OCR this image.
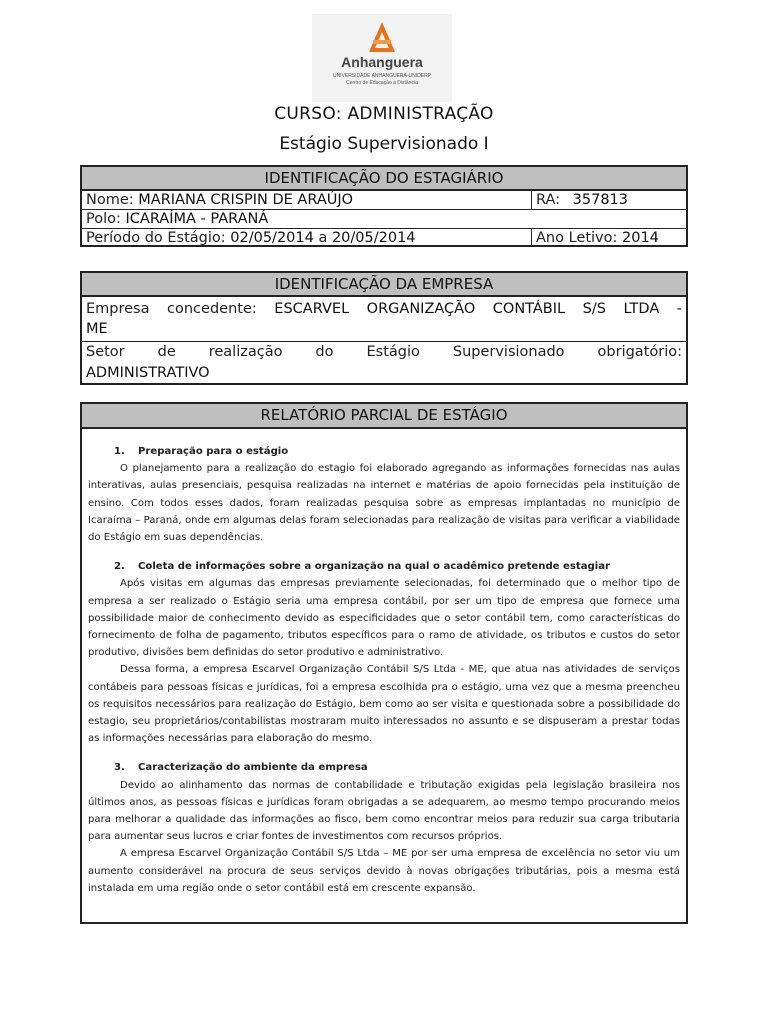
Anhanguera
UNIVERSIDADE ANHANGUERA-UNIDERP
Centro de Educação a Distância
CURSO: ADMINISTRAÇÃO
Estágio Supervisionado I
IDENTIFICAÇÃO DO ESTAGIÁRIO
Nome: MARIANA CRISPIN DE ARAÚJO	RA: 357813
Polo: ICARAÍMA - PARANÁ
Período do Estágio: 02/05/2014 a 20/05/2014	Ano Letivo: 2014
IDENTIFICAÇÃO DA EMPRESA
Empresa concedente: ESCARVEL ORGANIZAÇÃO CONTÁBIL S/S LTDA -
ME
Setor de realização do Estágio Supervisionado obrigatório:
ADMINISTRATIVO
RELATÓRIO PARCIAL DE ESTÁGIO

1. Preparação para o estágio

O planejamento para a realização do estagio foi elaborado agregando as informações fornecidas nas aulas interativas, aulas presenciais, pesquisa realizadas na internet e matérias de apoio fornecidas pela instituição de ensino. Com todos esses dados, foram realizadas pesquisa sobre as empresas implantadas no município de Icaraíma – Paraná, onde em algumas delas foram selecionadas para realização de visitas para verificar a viabilidade do Estágio em suas dependências.

2. Coleta de informações sobre a organização na qual o acadêmico pretende estagiar

Após visitas em algumas das empresas previamente selecionadas, foi determinado que o melhor tipo de empresa a ser realizado o Estágio seria uma empresa contábil, por ser um tipo de empresa que fornece uma possibilidade maior de conhecimento devido as especificidades que o setor contábil tem, como características do fornecimento de folha de pagamento, tributos específicos para o ramo de atividade, os tributos e custos do setor produtivo, divisões bem definidas do setor produtivo e administrativo.

Dessa forma, a empresa Escarvel Organização Contábil S/S Ltda - ME, que atua nas atividades de serviços contábeis para pessoas físicas e jurídicas, foi a empresa escolhida pra o estágio, uma vez que a mesma preencheu os requisitos necessários para realização do Estágio, bem como ao ser visita e questionada sobre a possibilidade do estagio, seu proprietários/contabilistas mostraram muito interessados no assunto e se dispuseram a prestar todas as informações necessárias para elaboração do mesmo.

3. Caracterização do ambiente da empresa

Devido ao alinhamento das normas de contabilidade e tributação exigidas pela legislação brasileira nos últimos anos, as pessoas físicas e jurídicas foram obrigadas a se adequarem, ao mesmo tempo procurando meios para melhorar a qualidade das informações ao fisco, bem como encontrar meios para reduzir sua carga tributaria para aumentar seus lucros e criar fontes de investimentos com recursos próprios.

A empresa Escarvel Organização Contábil S/S Ltda – ME por ser uma empresa de excelência no setor viu um aumento considerável na procura de seus serviços devido à novas obrigações tributárias, pois a mesma está instalada em uma região onde o setor contábil está em crescente expansão.
